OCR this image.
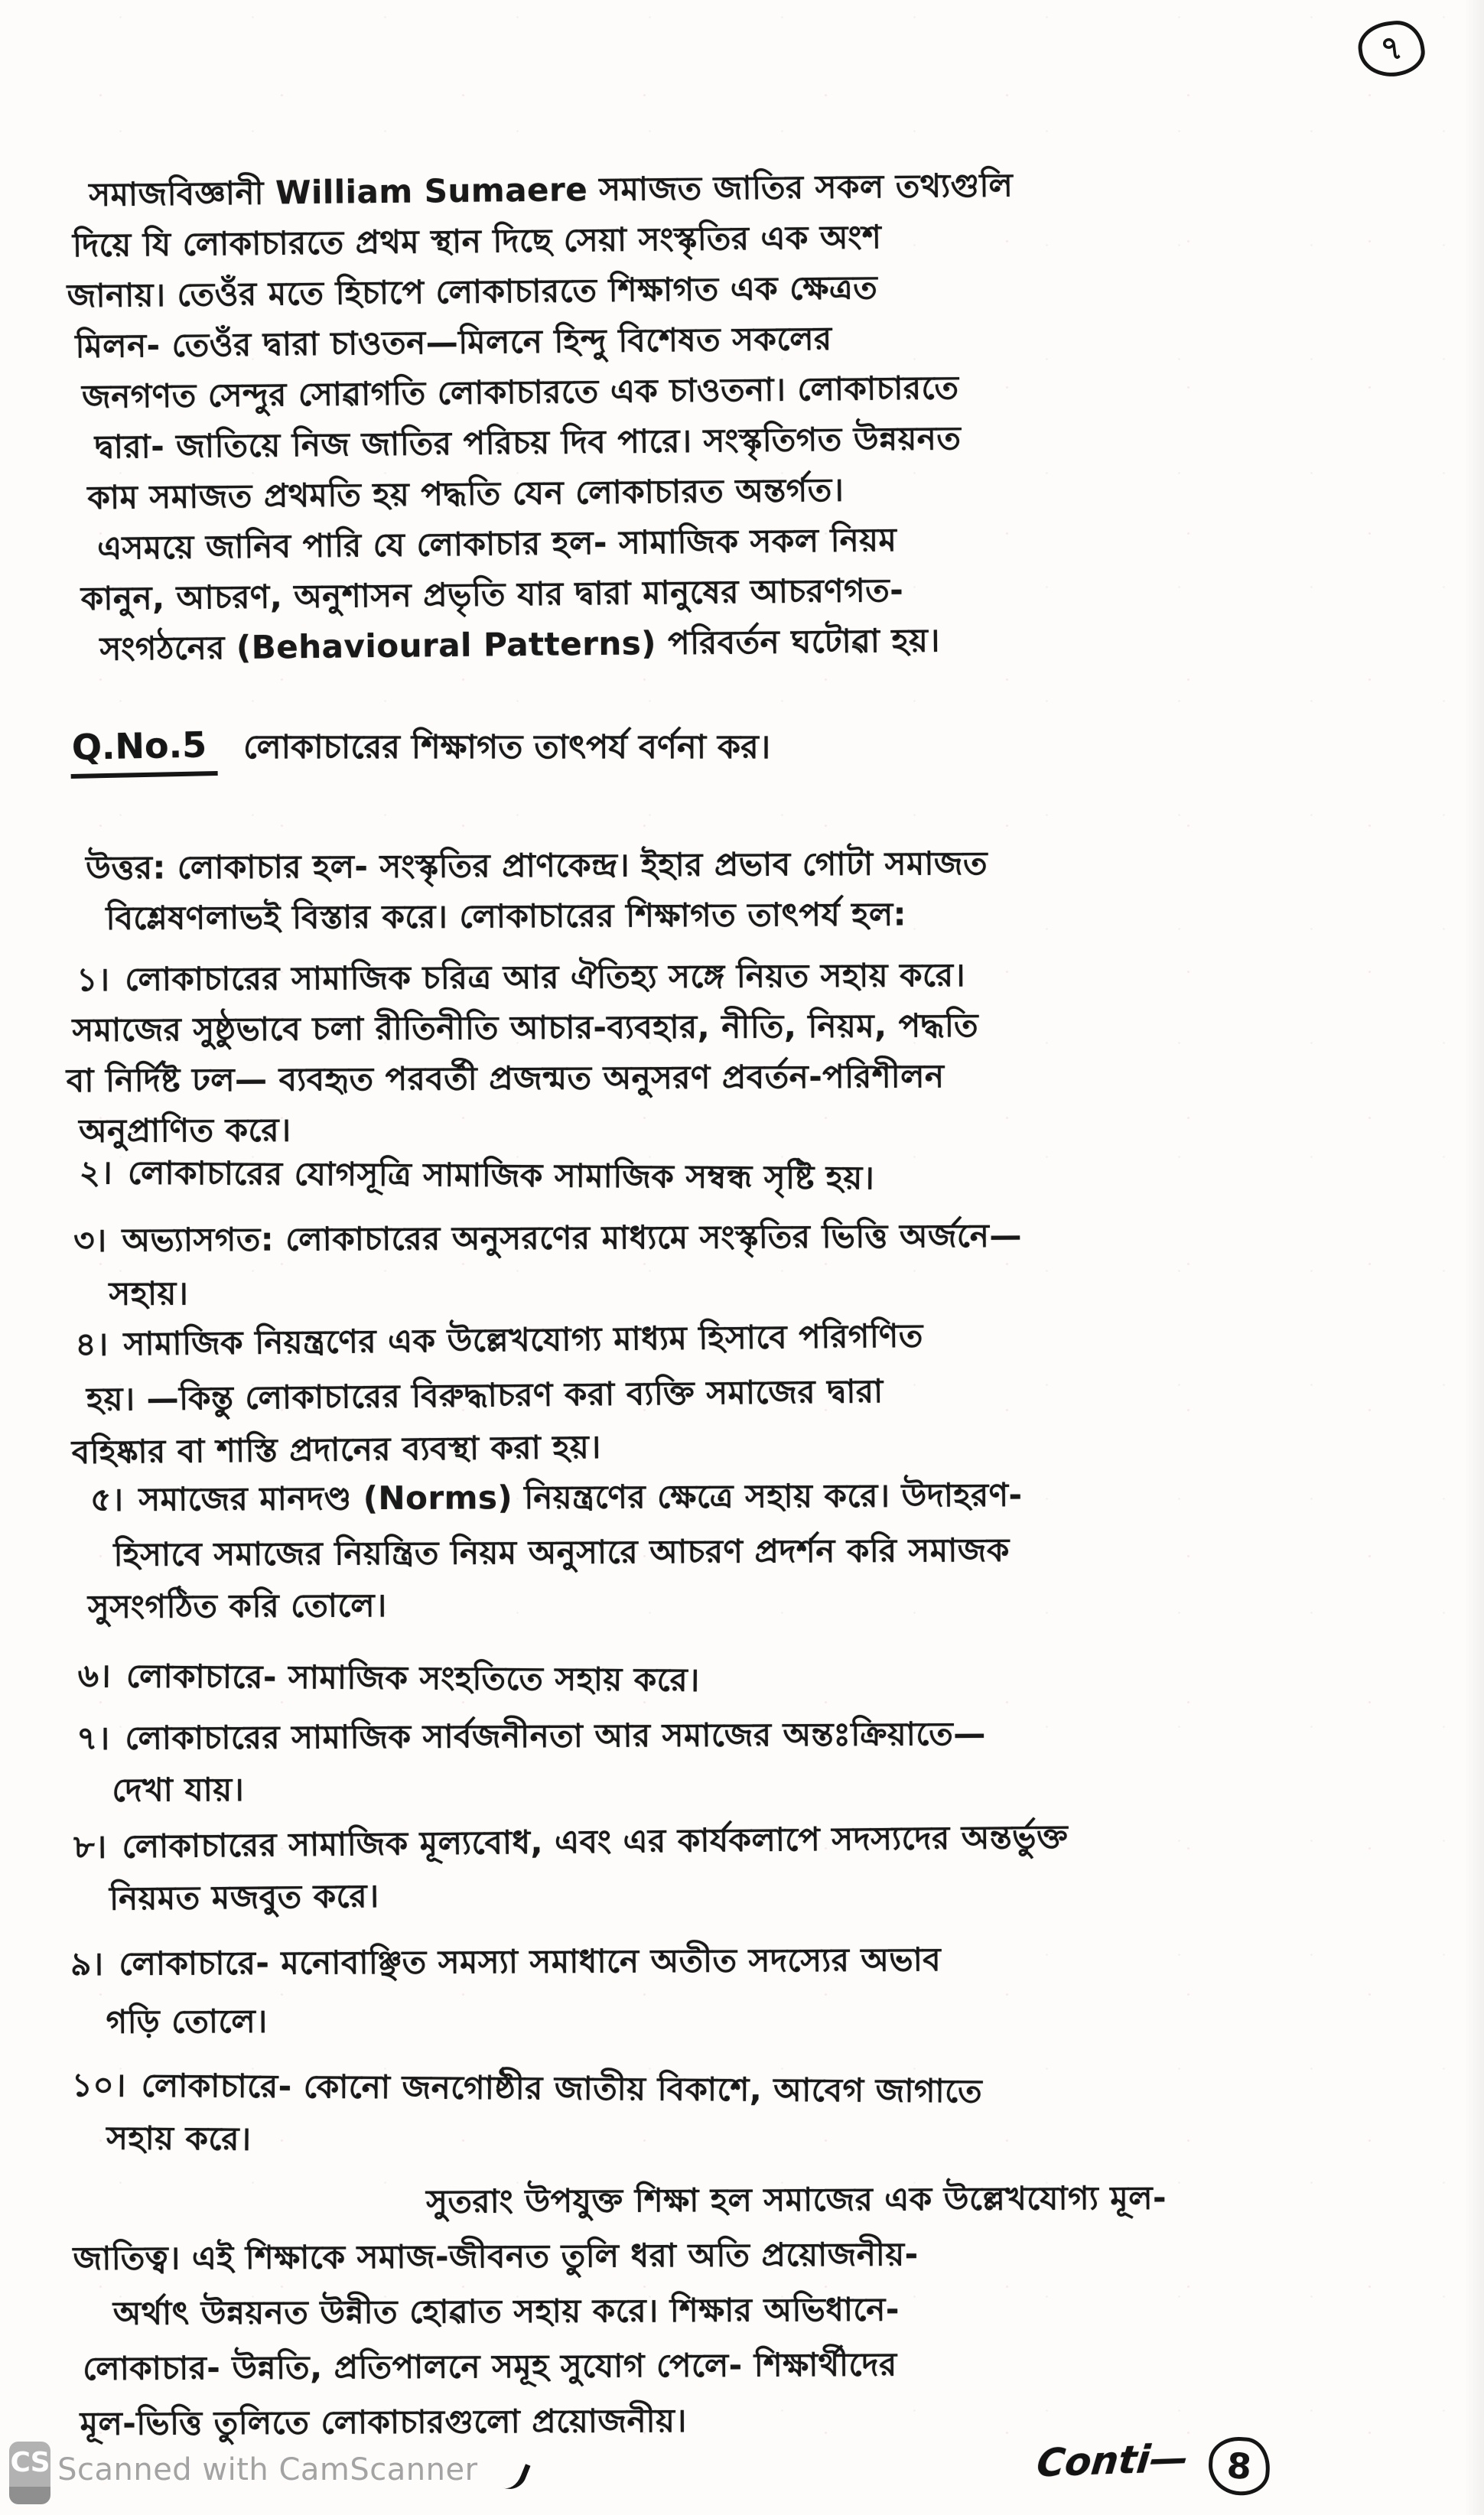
৭
সমাজবিজ্ঞানী William Sumaere সমাজত জাতির সকল তথ্যগুলি
দিয়ে যি লোকাচারতে প্রথম স্থান দিছে সেয়া সংস্কৃতির এক অংশ
জানায়। তেওঁর মতে হিচাপে লোকাচারতে শিক্ষাগত এক ক্ষেত্রত
মিলন- তেওঁর দ্বারা চাওতন—মিলনে হিন্দু বিশেষত সকলের
জনগণত সেন্দুর সোৱাগতি লোকাচারতে এক চাওতনা। লোকাচারতে
দ্বারা- জাতিয়ে নিজ জাতির পরিচয় দিব পারে। সংস্কৃতিগত উন্নয়নত
কাম সমাজত প্রথমতি হয় পদ্ধতি যেন লোকাচারত অন্তর্গত।
এসময়ে জানিব পারি যে লোকাচার হল- সামাজিক সকল নিয়ম
কানুন, আচরণ, অনুশাসন প্রভৃতি যার দ্বারা মানুষের আচরণগত-
সংগঠনের (Behavioural Patterns) পরিবর্তন ঘটোৱা হয়।
Q.No.5 লোকাচারের শিক্ষাগত তাৎপর্য বর্ণনা কর।
উত্তর: লোকাচার হল- সংস্কৃতির প্রাণকেন্দ্র। ইহার প্রভাব গোটা সমাজত
বিশ্লেষণলাভই বিস্তার করে। লোকাচারের শিক্ষাগত তাৎপর্য হল:
১। লোকাচারের সামাজিক চরিত্র আর ঐতিহ্য সঙ্গে নিয়ত সহায় করে।
সমাজের সুষ্ঠুভাবে চলা রীতিনীতি আচার-ব্যবহার, নীতি, নিয়ম, পদ্ধতি
বা নির্দিষ্ট ঢল— ব্যবহৃত পরবর্তী প্রজন্মত অনুসরণ প্রবর্তন-পরিশীলন
অনুপ্রাণিত করে।
২। লোকাচারের যোগসূত্রি সামাজিক সামাজিক সম্বন্ধ সৃষ্টি হয়।
৩। অভ্যাসগত: লোকাচারের অনুসরণের মাধ্যমে সংস্কৃতির ভিত্তি অর্জনে—
সহায়।
৪। সামাজিক নিয়ন্ত্রণের এক উল্লেখযোগ্য মাধ্যম হিসাবে পরিগণিত
হয়। —কিন্তু লোকাচারের বিরুদ্ধাচরণ করা ব্যক্তি সমাজের দ্বারা
বহিষ্কার বা শাস্তি প্রদানের ব্যবস্থা করা হয়।
৫। সমাজের মানদণ্ড (Norms) নিয়ন্ত্রণের ক্ষেত্রে সহায় করে। উদাহরণ-
হিসাবে সমাজের নিয়ন্ত্রিত নিয়ম অনুসারে আচরণ প্রদর্শন করি সমাজক
সুসংগঠিত করি তোলে।
৬। লোকাচারে- সামাজিক সংহতিতে সহায় করে।
৭। লোকাচারের সামাজিক সার্বজনীনতা আর সমাজের অন্তঃক্রিয়াতে—
দেখা যায়।
৮। লোকাচারের সামাজিক মূল্যবোধ, এবং এর কার্যকলাপে সদস্যদের অন্তর্ভুক্ত
নিয়মত মজবুত করে।
৯। লোকাচারে- মনোবাঞ্ছিত সমস্যা সমাধানে অতীত সদস্যের অভাব
গড়ি তোলে।
১০। লোকাচারে- কোনো জনগোষ্ঠীর জাতীয় বিকাশে, আবেগ জাগাতে
সহায় করে।
সুতরাং উপযুক্ত শিক্ষা হল সমাজের এক উল্লেখযোগ্য মূল-
জাতিত্ব। এই শিক্ষাকে সমাজ-জীবনত তুলি ধরা অতি প্রয়োজনীয়-
অর্থাৎ উন্নয়নত উন্নীত হোৱাত সহায় করে। শিক্ষার অভিধানে-
লোকাচার- উন্নতি, প্রতিপালনে সমূহ সুযোগ পেলে- শিক্ষার্থীদের
মূল-ভিত্তি তুলিতে লোকাচারগুলো প্রয়োজনীয়।
Conti— 8
CS Scanned with CamScanner
